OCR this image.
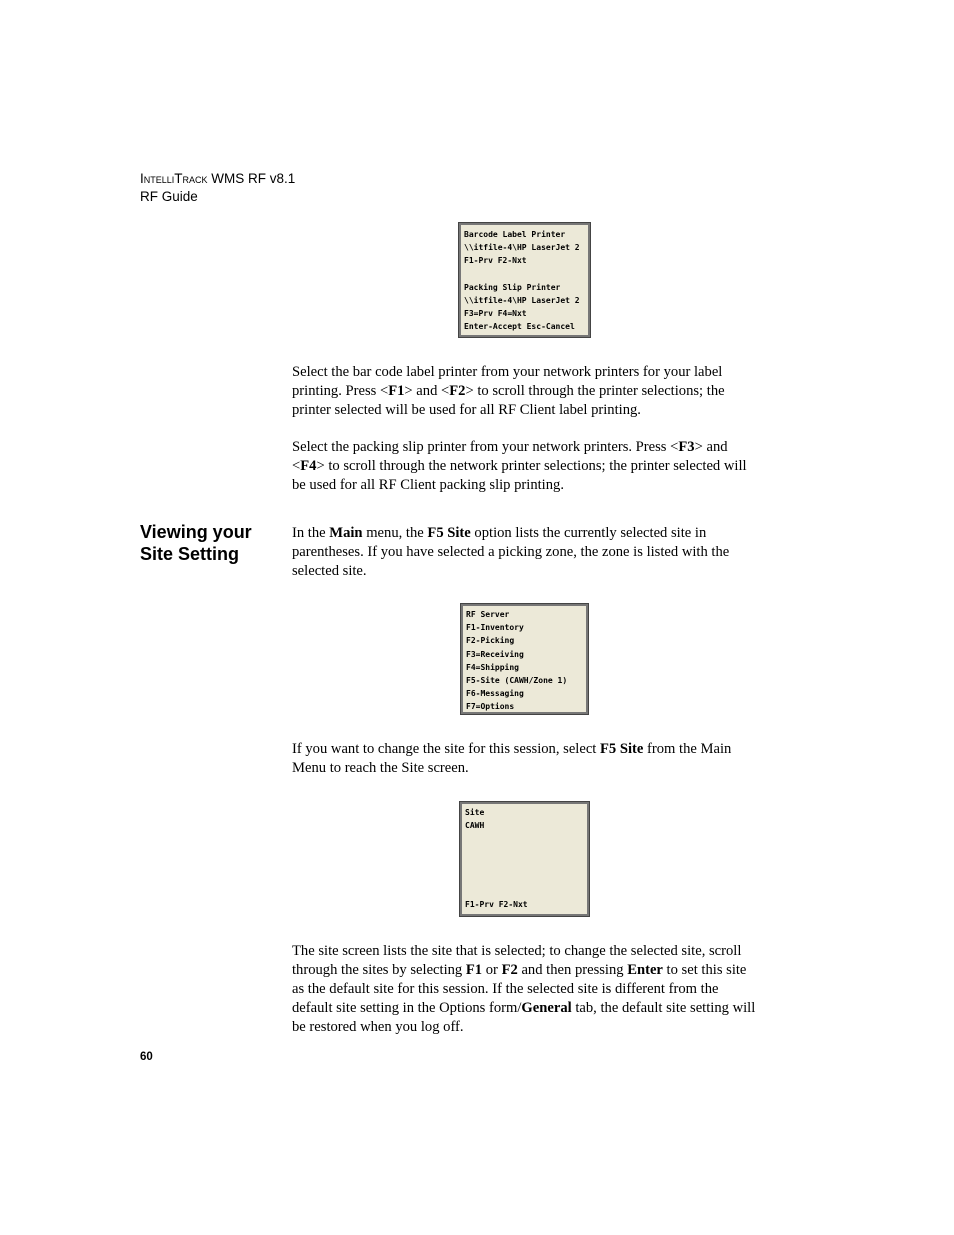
IntelliTrack WMS RF v8.1
RF Guide
Barcode Label Printer
\\itfile-4\HP LaserJet 2
F1-Prv F2-Nxt
Packing Slip Printer
\\itfile-4\HP LaserJet 2
F3=Prv F4=Nxt
Enter-Accept Esc-Cancel

Select the bar code label printer from your network printers for your label printing. Press <F1> and <F2> to scroll through the printer selections; the printer selected will be used for all RF Client label printing.

Select the packing slip printer from your network printers. Press <F3> and <F4> to scroll through the network printer selections; the printer selected will be used for all RF Client packing slip printing.

Viewing your
Site Setting

In the Main menu, the F5 Site option lists the currently selected site in parentheses. If you have selected a picking zone, the zone is listed with the selected site.

RF Server
F1-Inventory
F2-Picking
F3=Receiving
F4=Shipping
F5-Site (CAWH/Zone 1)
F6-Messaging
F7=Options

If you want to change the site for this session, select F5 Site from the Main Menu to reach the Site screen.

Site
CAWH
F1-Prv F2-Nxt

The site screen lists the site that is selected; to change the selected site, scroll through the sites by selecting F1 or F2 and then pressing Enter to set this site as the default site for this session. If the selected site is different from the default site setting in the Options form/General tab, the default site setting will be restored when you log off.

60
